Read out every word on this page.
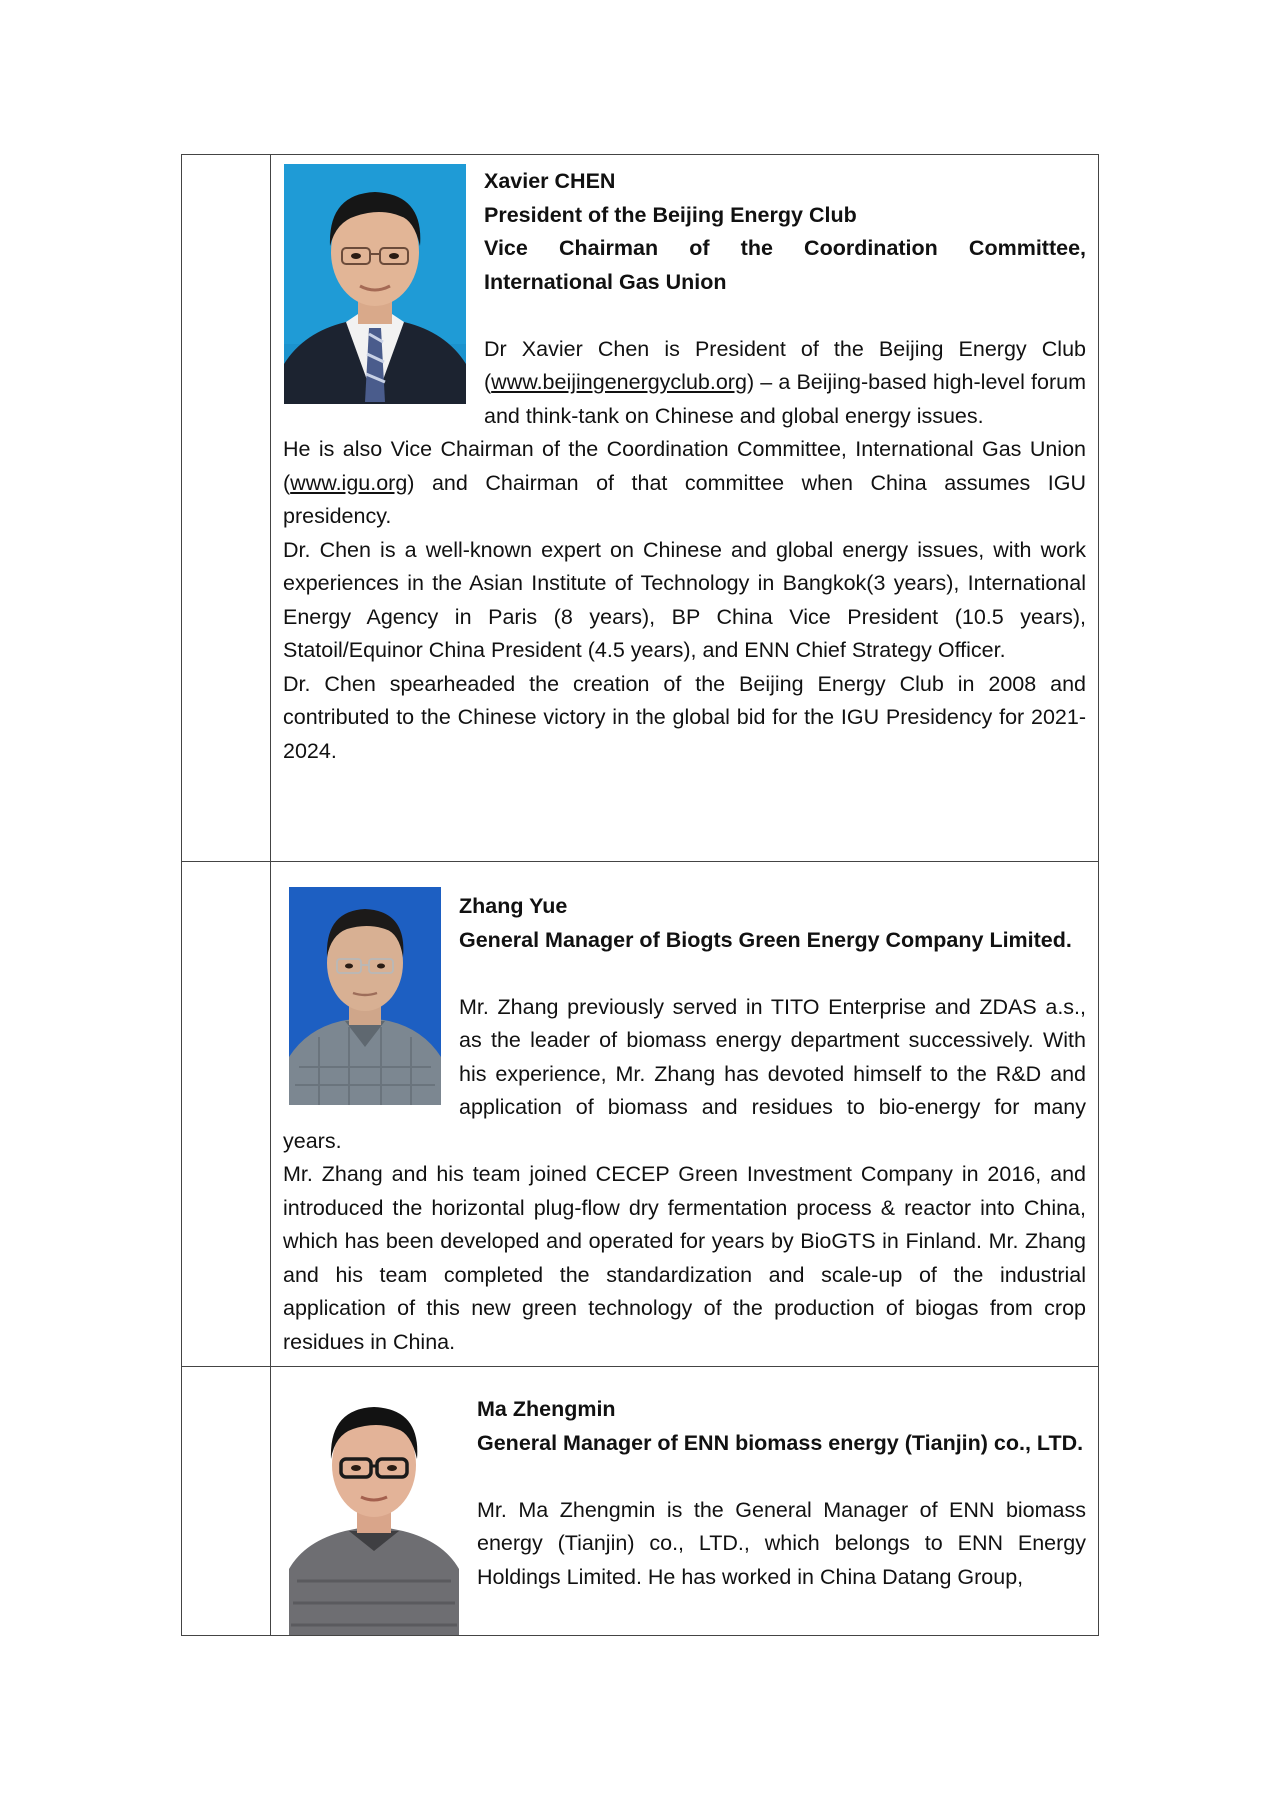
Xavier CHEN
President of the Beijing Energy Club
Vice Chairman of the Coordination Committee, International Gas Union

Dr Xavier Chen is President of the Beijing Energy Club (www.beijingenergyclub.org) – a Beijing-based high-level forum and think-tank on Chinese and global energy issues.

He is also Vice Chairman of the Coordination Committee, International Gas Union (www.igu.org) and Chairman of that committee when China assumes IGU presidency.

Dr. Chen is a well-known expert on Chinese and global energy issues, with work experiences in the Asian Institute of Technology in Bangkok(3 years), International Energy Agency in Paris (8 years), BP China Vice President (10.5 years), Statoil/Equinor China President (4.5 years), and ENN Chief Strategy Officer.

Dr. Chen spearheaded the creation of the Beijing Energy Club in 2008 and contributed to the Chinese victory in the global bid for the IGU Presidency for 2021-2024.

Zhang Yue
General Manager of Biogts Green Energy Company Limited.

Mr. Zhang previously served in TITO Enterprise and ZDAS a.s., as the leader of biomass energy department successively. With his experience, Mr. Zhang has devoted himself to the R&D and application of biomass and residues to bio-energy for many years.

Mr. Zhang and his team joined CECEP Green Investment Company in 2016, and introduced the horizontal plug-flow dry fermentation process & reactor into China, which has been developed and operated for years by BioGTS in Finland. Mr. Zhang and his team completed the standardization and scale-up of the industrial application of this new green technology of the production of biogas from crop residues in China.

Ma Zhengmin
General Manager of ENN biomass energy (Tianjin) co., LTD.

Mr. Ma Zhengmin is the General Manager of ENN biomass energy (Tianjin) co., LTD., which belongs to ENN Energy Holdings Limited. He has worked in China Datang Group,
